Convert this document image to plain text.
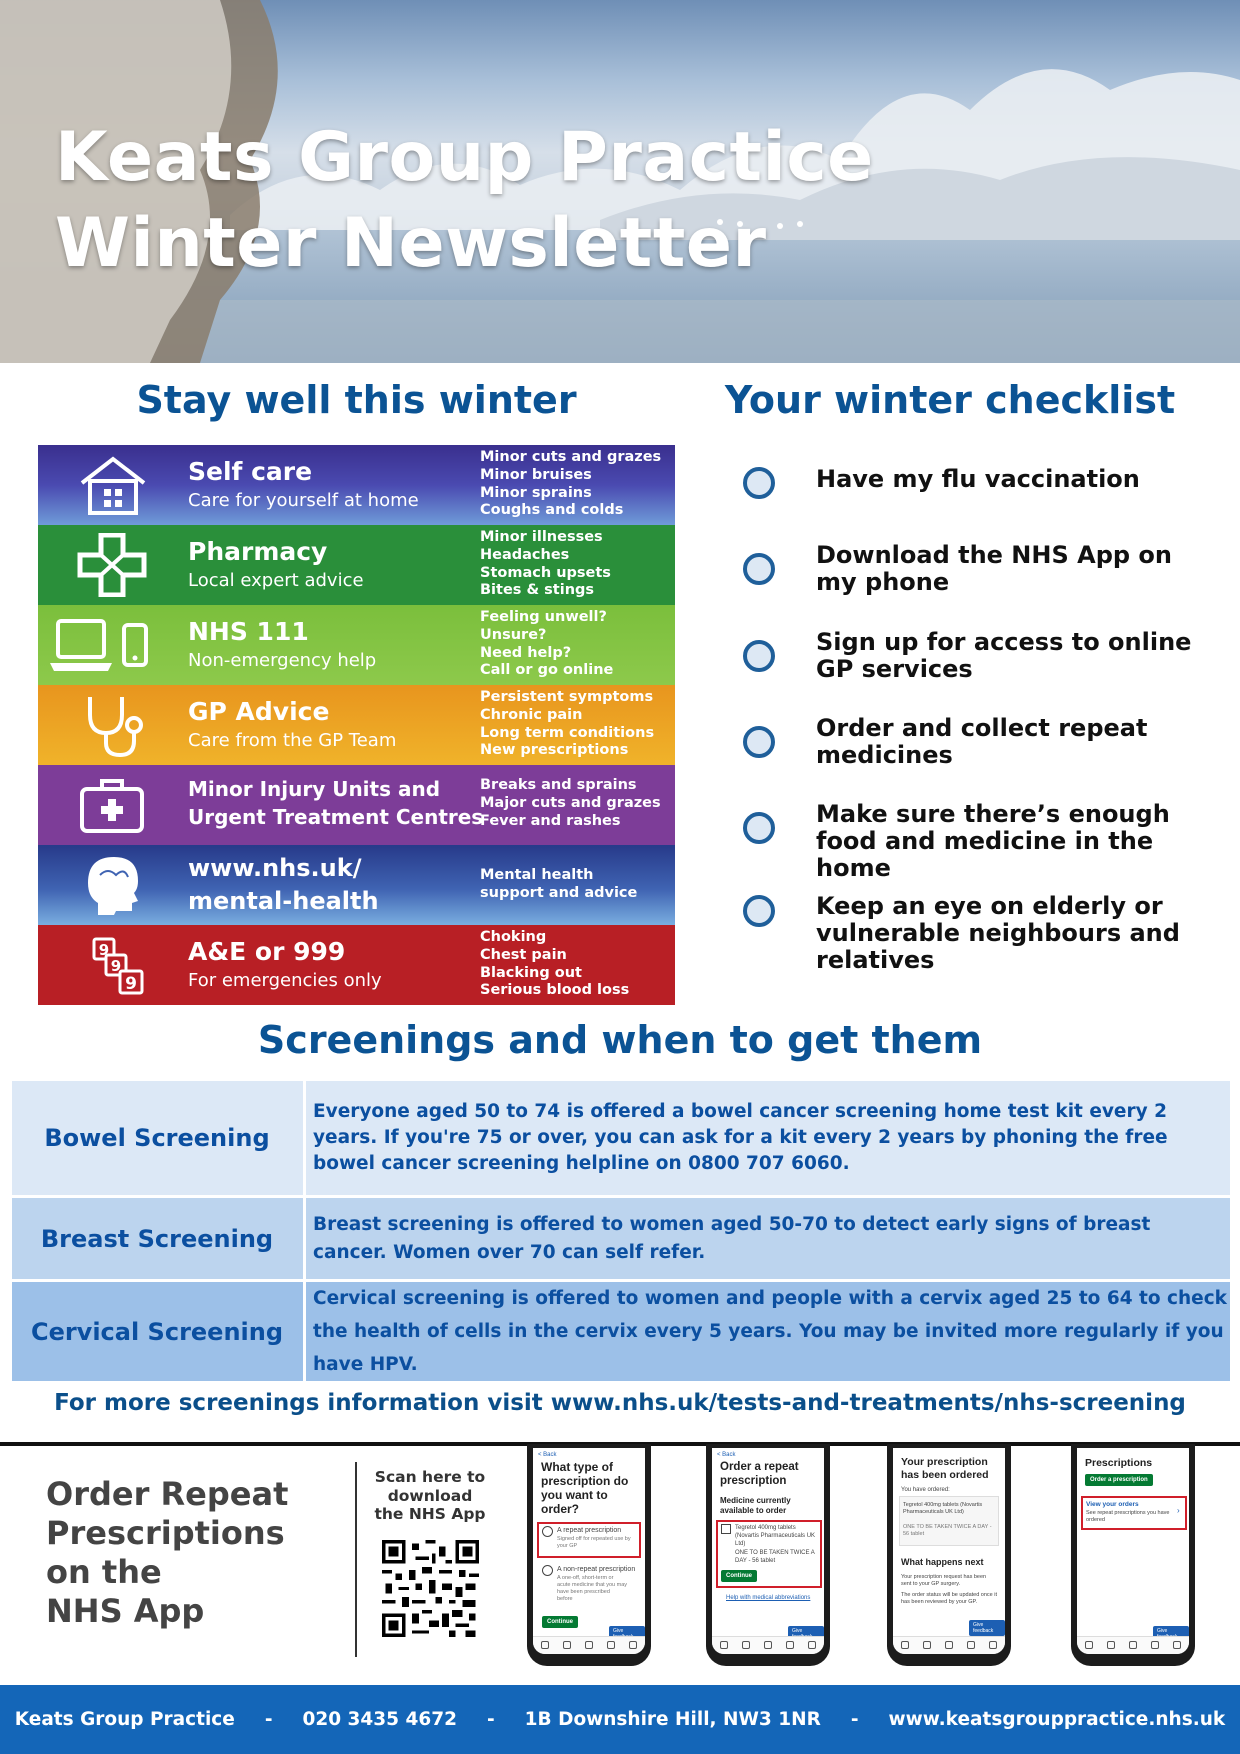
Keats Group Practice
Winter Newsletter
Stay well this winter
Self care
Care for yourself at home
Minor cuts and grazes
Minor bruises
Minor sprains
Coughs and colds
Pharmacy
Local expert advice
Minor illnesses
Headaches
Stomach upsets
Bites & stings
NHS 111
Non-emergency help
Feeling unwell?
Unsure?
Need help?
Call or go online
GP Advice
Care from the GP Team
Persistent symptoms
Chronic pain
Long term conditions
New prescriptions
Minor Injury Units and
Urgent Treatment Centres
Breaks and sprains
Major cuts and grazes
Fever and rashes
www.nhs.uk/
mental-health
Mental health
support and advice
9
9
9
A&E or 999
For emergencies only
Choking
Chest pain
Blacking out
Serious blood loss
Your winter checklist
Have my flu vaccination
Download the NHS App on my phone
Sign up for access to online GP services
Order and collect repeat medicines
Make sure there’s enough food and medicine in the home
Keep an eye on elderly or vulnerable neighbours and relatives
Screenings and when to get them
Bowel Screening
Everyone aged 50 to 74 is offered a bowel cancer screening home test kit every 2 years. If you're 75 or over, you can ask for a kit every 2 years by phoning the free bowel cancer screening helpline on 0800 707 6060.
Breast Screening
Breast screening is offered to women aged 50-70 to detect early signs of breast cancer. Women over 70 can self refer.
Cervical Screening
Cervical screening is offered to women and people with a cervix aged 25 to 64 to check the health of cells in the cervix every 5 years. You may be invited more regularly if you have HPV.
For more screenings information visit www.nhs.uk/tests-and-treatments/nhs-screening
Order Repeat
Prescriptions
on the
NHS App
Scan here to
download
the NHS App
< Back
What type of prescription do you want to order?
A repeat prescription
Signed off for repeated use by your GP
A non-repeat prescription
A one-off, short-term or acute medicine that you may have been prescribed before
Continue
Give
< Back
Order a repeat prescription
Medicine currently available to order
Tegretol 400mg tablets (Novartis Pharmaceuticals UK Ltd)
ONE TO BE TAKEN TWICE A DAY - 56 tablet
Continue
Help with medical abbreviations
Give
Your prescription has been ordered
You have ordered:
Tegretol 400mg tablets (Novartis Pharmaceuticals UK Ltd)
ONE TO BE TAKEN TWICE A DAY - 56 tablet
What happens next
Your prescription request has been sent to your GP surgery.
The order status will be updated once it has been reviewed by your GP.
Give feedback
Prescriptions
Order a prescription
View your orders
See repeat prescriptions you have ordered
›
Give
Keats Group Practice - 020 3435 4672 - 1B Downshire Hill, NW3 1NR - www.keatsgrouppractice.nhs.uk
